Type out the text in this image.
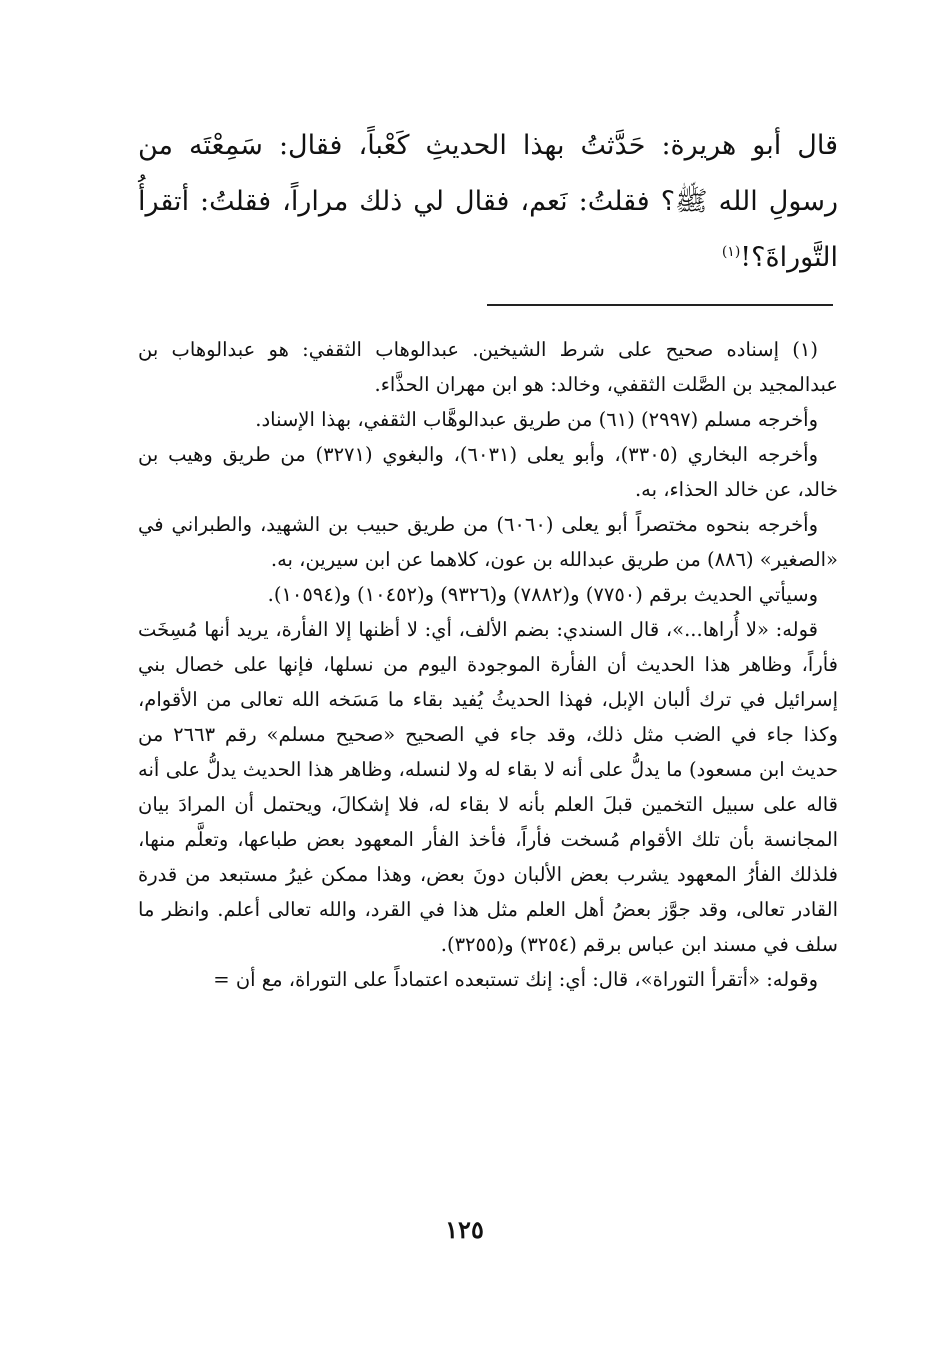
قال أبو هريرة: حَدَّثتُ بهذا الحديثِ كَعْباً، فقال: سَمِعْتَه من رسولِ الله ﷺ؟ فقلتُ: نَعم، فقال لي ذلك مراراً، فقلتُ: أتقرأُ التَّوراةَ؟!$^{(١)}$

(١) إسناده صحيح على شرط الشيخين. عبدالوهاب الثقفي: هو عبدالوهاب بن عبدالمجيد بن الصَّلت الثقفي، وخالد: هو ابن مهران الحذَّاء.

وأخرجه مسلم (٢٩٩٧) (٦١) من طريق عبدالوهَّاب الثقفي، بهذا الإسناد.

وأخرجه البخاري (٣٣٠٥)، وأبو يعلى (٦٠٣١)، والبغوي (٣٢٧١) من طريق وهيب بن خالد، عن خالد الحذاء، به.

وأخرجه بنحوه مختصراً أبو يعلى (٦٠٦٠) من طريق حبيب بن الشهيد، والطبراني في «الصغير» (٨٨٦) من طريق عبدالله بن عون، كلاهما عن ابن سيرين، به.

وسيأتي الحديث برقم (٧٧٥٠) و(٧٨٨٢) و(٩٣٢٦) و(١٠٤٥٢) و(١٠٥٩٤).

قوله: «لا أُراها...»، قال السندي: بضم الألف، أي: لا أظنها إلا الفأرة، يريد أنها مُسِخَت فأراً، وظاهر هذا الحديث أن الفأرة الموجودة اليوم من نسلها، فإنها على خصال بني إسرائيل في ترك ألبان الإبل، فهذا الحديثُ يُفيد بقاء ما مَسَخه الله تعالى من الأقوام، وكذا جاء في الضب مثل ذلك، وقد جاء في الصحيح «صحيح مسلم» رقم ٢٦٦٣ من حديث ابن مسعود) ما يدلُّ على أنه لا بقاء له ولا لنسله، وظاهر هذا الحديث يدلُّ على أنه قاله على سبيل التخمين قبلَ العلم بأنه لا بقاء له، فلا إشكالَ، ويحتمل أن المرادَ بيان المجانسة بأن تلك الأقوام مُسخت فأراً، فأخذ الفأر المعهود بعض طباعها، وتعلَّم منها، فلذلك الفأرُ المعهود يشرب بعض الألبان دونَ بعض، وهذا ممكن غيرُ مستبعد من قدرة القادر تعالى، وقد جوَّز بعضُ أهل العلم مثل هذا في القرد، والله تعالى أعلم. وانظر ما سلف في مسند ابن عباس برقم (٣٢٥٤) و(٣٢٥٥).

وقوله: «أتقرأ التوراة»، قال: أي: إنك تستبعده اعتماداً على التوراة، مع أن =

١٢٥
